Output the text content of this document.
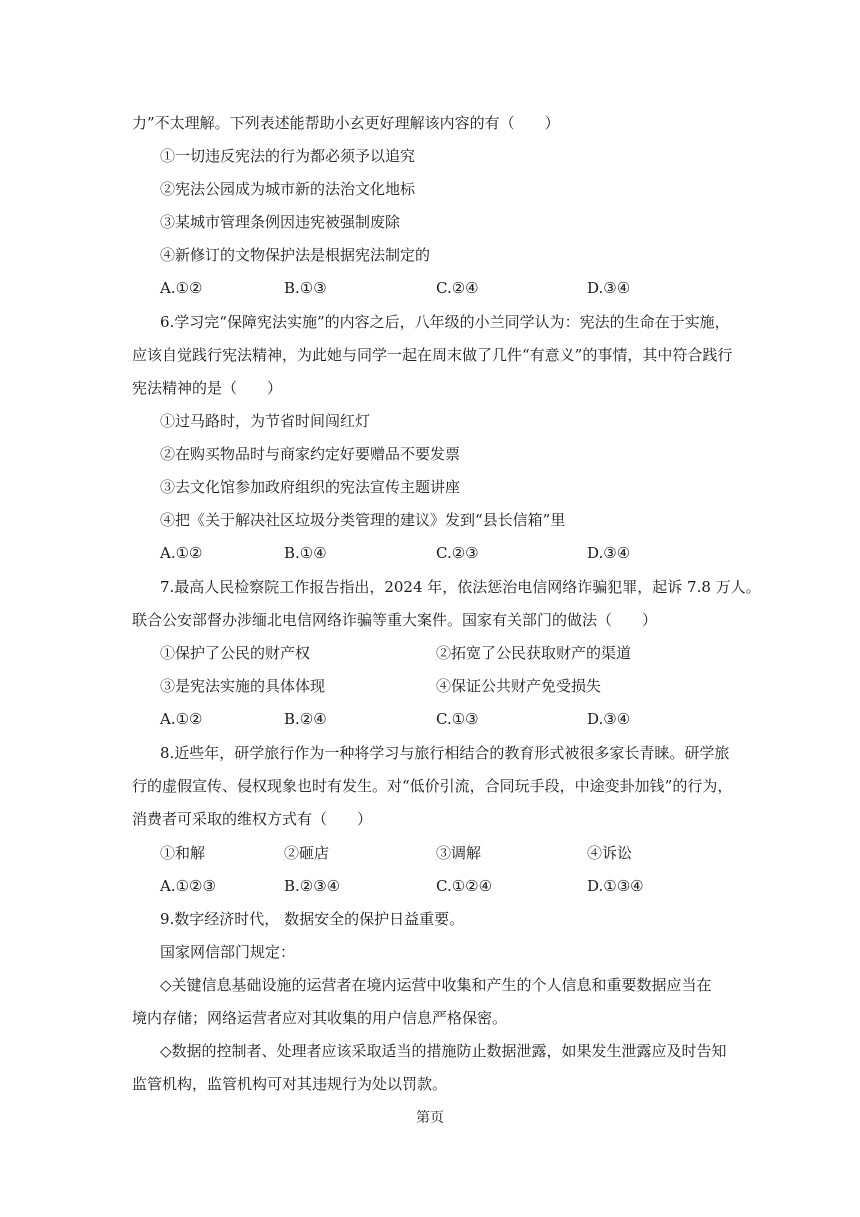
力”不太理解。下列表述能帮助小玄更好理解该内容的有（　　）
①一切违反宪法的行为都必须予以追究
②宪法公园成为城市新的法治文化地标
③某城市管理条例因违宪被强制废除
④新修订的文物保护法是根据宪法制定的
A.①②	B.①③	C.②④	D.③④
6.学习完“保障宪法实施”的内容之后，八年级的小兰同学认为：宪法的生命在于实施，
应该自觉践行宪法精神，为此她与同学一起在周末做了几件“有意义”的事情，其中符合践行
宪法精神的是（　　）
①过马路时，为节省时间闯红灯
②在购买物品时与商家约定好要赠品不要发票
③去文化馆参加政府组织的宪法宣传主题讲座
④把《关于解决社区垃圾分类管理的建议》发到“县长信箱”里
A.①②	B.①④	C.②③	D.③④
7.最高人民检察院工作报告指出，2024 年，依法惩治电信网络诈骗犯罪，起诉 7.8 万人。
联合公安部督办涉缅北电信网络诈骗等重大案件。国家有关部门的做法（　　）
①保护了公民的财产权	②拓宽了公民获取财产的渠道
③是宪法实施的具体体现	④保证公共财产免受损失
A.①②	B.②④	C.①③	D.③④
8.近些年，研学旅行作为一种将学习与旅行相结合的教育形式被很多家长青睐。研学旅
行的虚假宣传、侵权现象也时有发生。对“低价引流，合同玩手段，中途变卦加钱”的行为，
消费者可采取的维权方式有（　　）
①和解	②砸店	③调解	④诉讼
A.①②③	B.②③④	C.①②④	D.①③④
9.数字经济时代， 数据安全的保护日益重要。
国家网信部门规定：
◇关键信息基础设施的运营者在境内运营中收集和产生的个人信息和重要数据应当在
境内存储；网络运营者应对其收集的用户信息严格保密。
◇数据的控制者、处理者应该采取适当的措施防止数据泄露，如果发生泄露应及时告知
监管机构，监管机构可对其违规行为处以罚款。
第页
